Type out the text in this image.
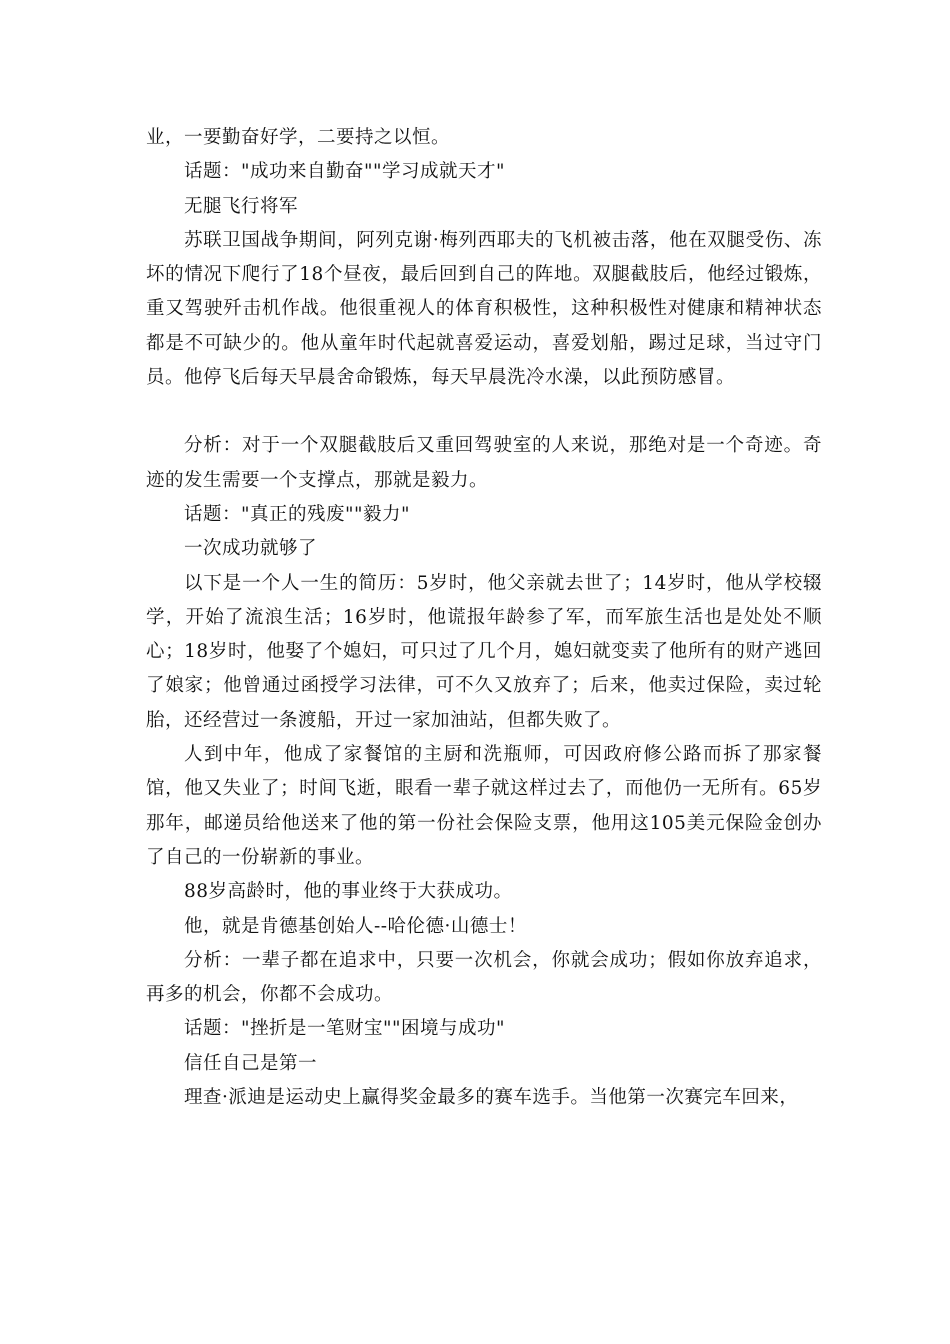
业，一要勤奋好学，二要持之以恒。

话题："成功来自勤奋""学习成就天才"

无腿飞行将军

苏联卫国战争期间，阿列克谢·梅列西耶夫的飞机被击落，他在双腿受伤、冻坏的情况下爬行了18个昼夜，最后回到自己的阵地。双腿截肢后，他经过锻炼，重又驾驶歼击机作战。他很重视人的体育积极性，这种积极性对健康和精神状态都是不可缺少的。他从童年时代起就喜爱运动，喜爱划船，踢过足球，当过守门员。他停飞后每天早晨舍命锻炼，每天早晨洗冷水澡，以此预防感冒。

分析：对于一个双腿截肢后又重回驾驶室的人来说，那绝对是一个奇迹。奇迹的发生需要一个支撑点，那就是毅力。

话题："真正的残废""毅力"

一次成功就够了

以下是一个人一生的简历：5岁时，他父亲就去世了；14岁时，他从学校辍学，开始了流浪生活；16岁时，他谎报年龄参了军，而军旅生活也是处处不顺心；18岁时，他娶了个媳妇，可只过了几个月，媳妇就变卖了他所有的财产逃回了娘家；他曾通过函授学习法律，可不久又放弃了；后来，他卖过保险，卖过轮胎，还经营过一条渡船，开过一家加油站，但都失败了。

人到中年，他成了家餐馆的主厨和洗瓶师，可因政府修公路而拆了那家餐馆，他又失业了；时间飞逝，眼看一辈子就这样过去了，而他仍一无所有。65岁那年，邮递员给他送来了他的第一份社会保险支票，他用这105美元保险金创办了自己的一份崭新的事业。

88岁高龄时，他的事业终于大获成功。

他，就是肯德基创始人--哈伦德·山德士！

分析：一辈子都在追求中，只要一次机会，你就会成功；假如你放弃追求，再多的机会，你都不会成功。

话题："挫折是一笔财宝""困境与成功"

信任自己是第一

理查·派迪是运动史上赢得奖金最多的赛车选手。当他第一次赛完车回来，
